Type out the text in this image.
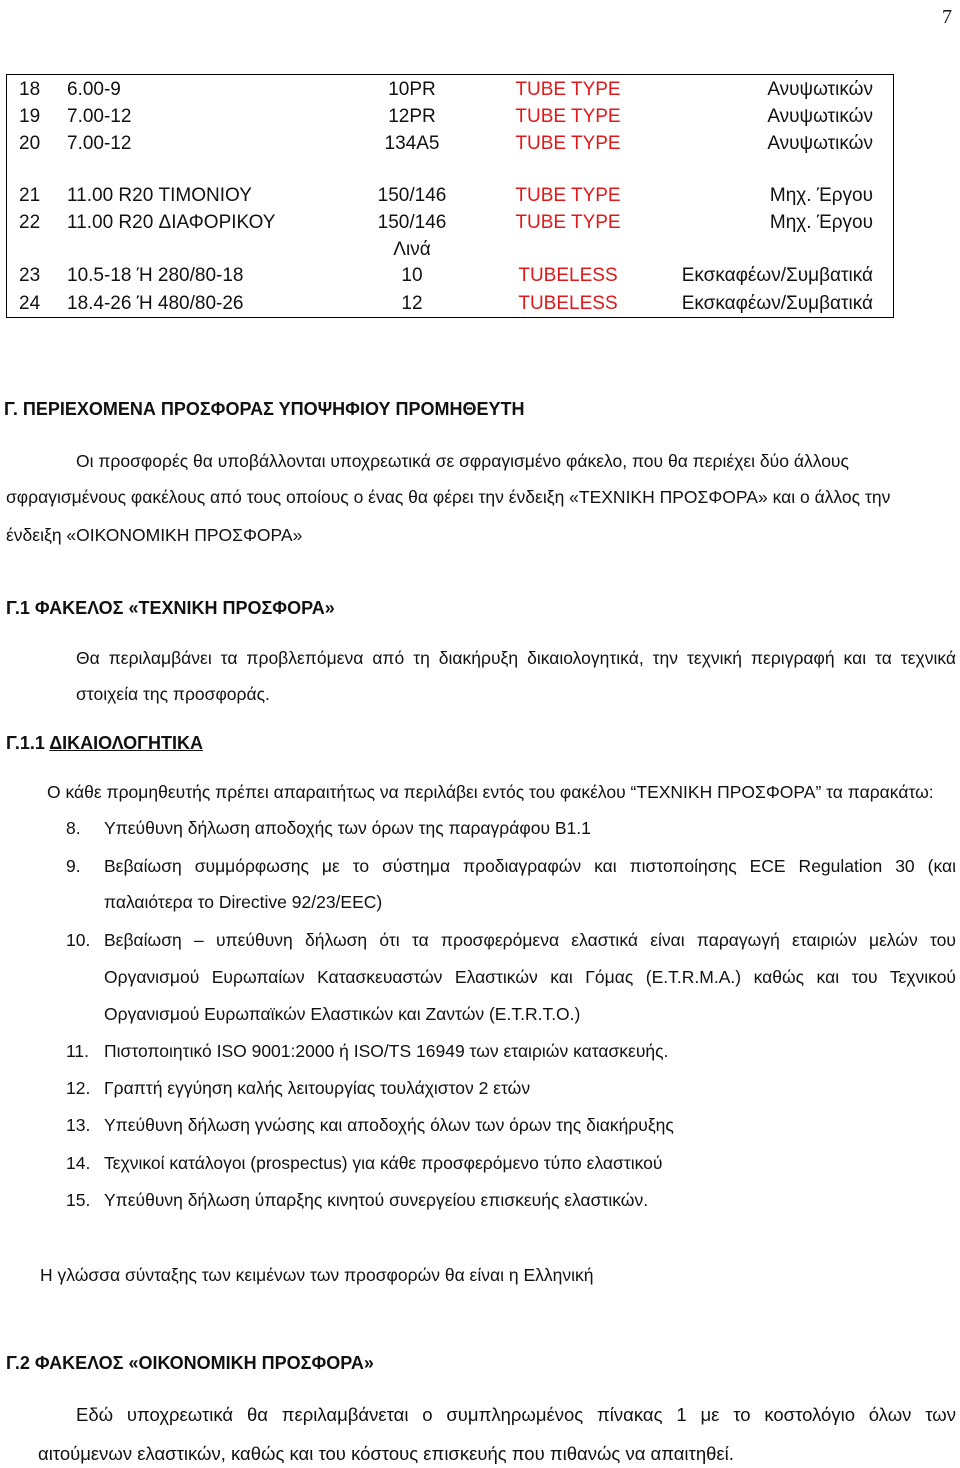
7
18 6.00-9	10PR	TUBE TYPE	Ανυψωτικών
19 7.00-12	12PR	TUBE TYPE	Ανυψωτικών
20 7.00-12	134A5	TUBE TYPE	Ανυψωτικών
21 11.00 R20 ΤΙΜΟΝΙΟΥ	150/146	TUBE TYPE	Μηχ. Έργου
22 11.00 R20 ΔΙΑΦΟΡΙΚΟΥ	150/146	TUBE TYPE	Μηχ. Έργου
Λινά
23 10.5-18 Ή 280/80-18	10	TUBELESS	Εκσκαφέων/Συμβατικά
24 18.4-26 Ή 480/80-26	12	TUBELESS	Εκσκαφέων/Συμβατικά
Γ. ΠΕΡΙΕΧΟΜΕΝΑ ΠΡΟΣΦΟΡΑΣ ΥΠΟΨΗΦΙΟΥ ΠΡΟΜΗΘΕΥΤΗ
Οι προσφορές θα υποβάλλονται υποχρεωτικά σε σφραγισμένο φάκελο, που θα περιέχει δύο άλλους
σφραγισμένους φακέλους από τους οποίους ο ένας θα φέρει την ένδειξη «ΤΕΧΝΙΚΗ ΠΡΟΣΦΟΡΑ» και ο άλλος την
ένδειξη «ΟΙΚΟΝΟΜΙΚΗ ΠΡΟΣΦΟΡΑ»
Γ.1 ΦΑΚΕΛΟΣ «ΤΕΧΝΙΚΗ ΠΡΟΣΦΟΡΑ»
Θα περιλαμβάνει τα προβλεπόμενα από τη διακήρυξη δικαιολογητικά, την τεχνική περιγραφή και τα τεχνικά
στοιχεία της προσφοράς.
Γ.1.1 ΔΙΚΑΙΟΛΟΓΗΤΙΚΑ
Ο κάθε προμηθευτής πρέπει απαραιτήτως να περιλάβει εντός του φακέλου “ΤΕΧΝΙΚΗ ΠΡΟΣΦΟΡΑ” τα παρακάτω:
8. Υπεύθυνη δήλωση αποδοχής των όρων της παραγράφου Β1.1
9. Βεβαίωση συμμόρφωσης με το σύστημα προδιαγραφών και πιστοποίησης ECE Regulation 30 (και
παλαιότερα το Directive 92/23/EEC)
10. Βεβαίωση – υπεύθυνη δήλωση ότι τα προσφερόμενα ελαστικά είναι παραγωγή εταιριών μελών του
Οργανισμού Ευρωπαίων Κατασκευαστών Ελαστικών και Γόμας (E.T.R.M.A.) καθώς και του Τεχνικού
Οργανισμού Ευρωπαϊκών Ελαστικών και Ζαντών (E.T.R.T.O.)
11. Πιστοποιητικό ISO 9001:2000 ή ISO/TS 16949 των εταιριών κατασκευής.
12. Γραπτή εγγύηση καλής λειτουργίας τουλάχιστον 2 ετών
13. Υπεύθυνη δήλωση γνώσης και αποδοχής όλων των όρων της διακήρυξης
14. Τεχνικοί κατάλογοι (prospectus) για κάθε προσφερόμενο τύπο ελαστικού
15. Υπεύθυνη δήλωση ύπαρξης κινητού συνεργείου επισκευής ελαστικών.
Η γλώσσα σύνταξης των κειμένων των προσφορών θα είναι η Ελληνική
Γ.2 ΦΑΚΕΛΟΣ «ΟΙΚΟΝΟΜΙΚΗ ΠΡΟΣΦΟΡΑ»
Εδώ υποχρεωτικά θα περιλαμβάνεται ο συμπληρωμένος πίνακας 1 με το κοστολόγιο όλων των
αιτούμενων ελαστικών, καθώς και του κόστους επισκευής που πιθανώς να απαιτηθεί.
